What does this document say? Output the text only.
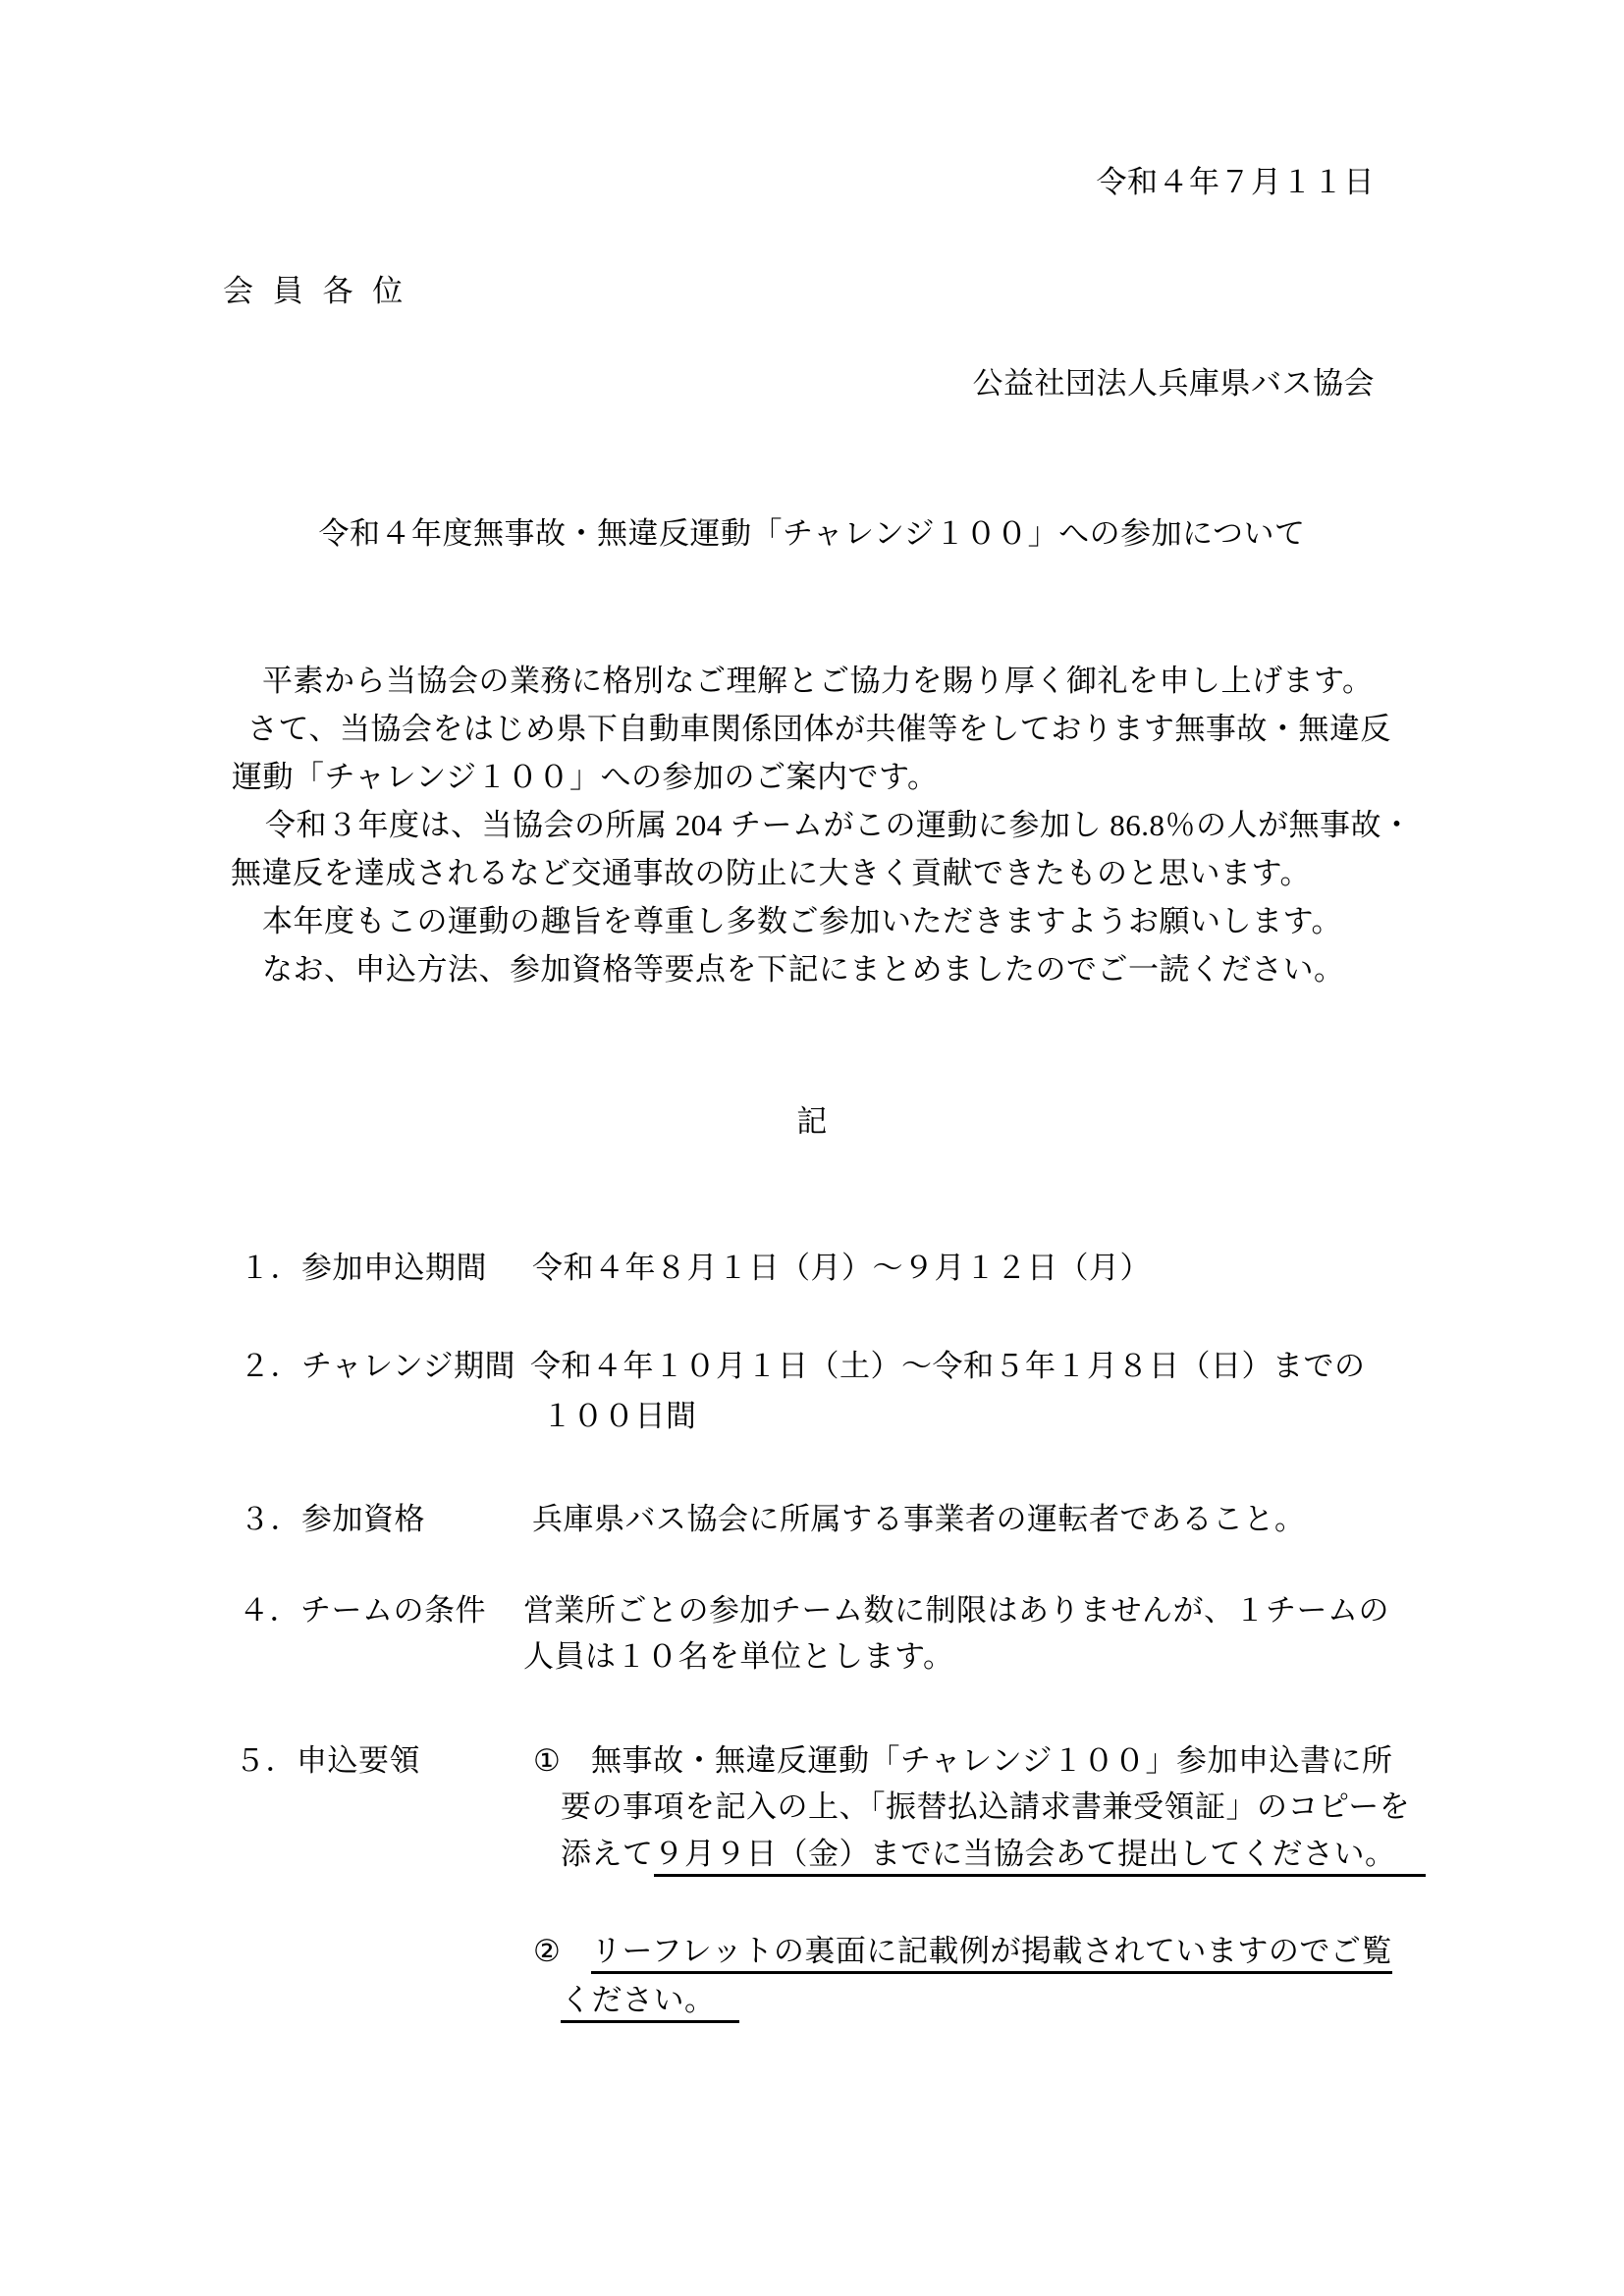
令和４年７月１１日
会 員 各 位
公益社団法人兵庫県バス協会
令和４年度無事故・無違反運動「チャレンジ１００」への参加について
平素から当協会の業務に格別なご理解とご協力を賜り厚く御礼を申し上げます。
さて、当協会をはじめ県下自動車関係団体が共催等をしております無事故・無違反
運動「チャレンジ１００」への参加のご案内です。
令和３年度は、当協会の所属 204 チームがこの運動に参加し 86.8％の人が無事故・
無違反を達成されるなど交通事故の防止に大きく貢献できたものと思います。
本年度もこの運動の趣旨を尊重し多数ご参加いただきますようお願いします。
なお、申込方法、参加資格等要点を下記にまとめましたのでご一読ください。
記
１．参加申込期間 令和４年８月１日（月）～９月１２日（月）
２．チャレンジ期間 令和４年１０月１日（土）～令和５年１月８日（日）までの
１００日間
３．参加資格	兵庫県バス協会に所属する事業者の運転者であること。
４．チームの条件 営業所ごとの参加チーム数に制限はありませんが、１チームの
人員は１０名を単位とします。
５．申込要領	① 無事故・無違反運動「チャレンジ１００」参加申込書に所
要の事項を記入の上、「振替払込請求書兼受領証」のコピーを
添えて９月９日（金）までに当協会あて提出してください。
② リーフレットの裏面に記載例が掲載されていますのでご覧
ください。
